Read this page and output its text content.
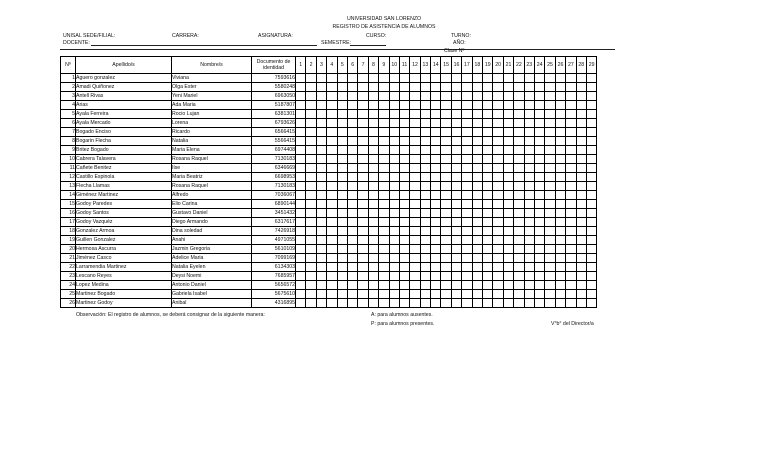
UNIVERSIDAD SAN LORENZO
REGISTRO DE ASISTENCIA DE ALUMNOS
UNISAL SEDE/FILIAL:	CARRERA:	ASIGNATURA:	CURSO:	TURNO:
DOCENTE:	SEMESTRE:	AÑO:
Clase Nº
Nº	Apellido/s	Nombre/s	Documento de identidad	1	2	3	4	5	6	7	8	9	10	11	12	13	14	15	16	17	18	19	20	21	22	23	24	25	26	27	28	29
1	Aguero gonzalez	Viviana	7593616																													
2	Amadi Quiñonez	Olga Ester	5580248																													
3	Antell Rivas	Yeni Mariel	6963050																													
4	Arias	Ada Maria	5187807																													
5	Ayala Ferreira	Rocio Lujan	6381301																													
6	Ayala Mercado	Lorena	6793626																													
7	Bogado Enciso	Ricardo	6566415																													
8	Bogarin Flecha	Natalia	5566415																													
9	Britez Bogado	Maria Elena	6974408																													
10	Cabrera Talavera	Rosana Raquel	7130183																													
11	Cañete Benitez	Ilse	6346669																													
12	Castillo Espinola	Maria Beatriz	6698953																													
13	Flecha Llamas	Rosana Raquel	7130183																													
14	Giménez Martinez	Alfredo	7036067																													
15	Godoy Paredes	Elio Carina	6890144																													
16	Godoy Santos	Gustavo Daniel	3451432																													
17	Godoy Vazquéz	Diego Armando	6317617																													
18	Gonzalez Armoa	Dina soledad	7426918																													
19	Guillen Gonzalez	Anahi	4971055																													
20	Hermosa Ascurra	Jazmin Gregoria	5610109																													
21	Jiménez Casco	Adelice Maria	7099169																													
22	Larramendia Martinez	Natalia Eyelen	6134303																													
23	Lescano Reyes	Deysi Noemi	7685957																													
24	Lopez Medina	Antonio Daniel	5656572																													
25	Martinez Bogado	Gabriela Isabel	5675610																													
26	Martinez Godoy	Anibal	4316895																													
Observación: El registro de alumnos, se deberá consignar de la siguiente manera:	A: para alumnos ausentes.
P: para alumnos presentes.	V°b° del Director/a
